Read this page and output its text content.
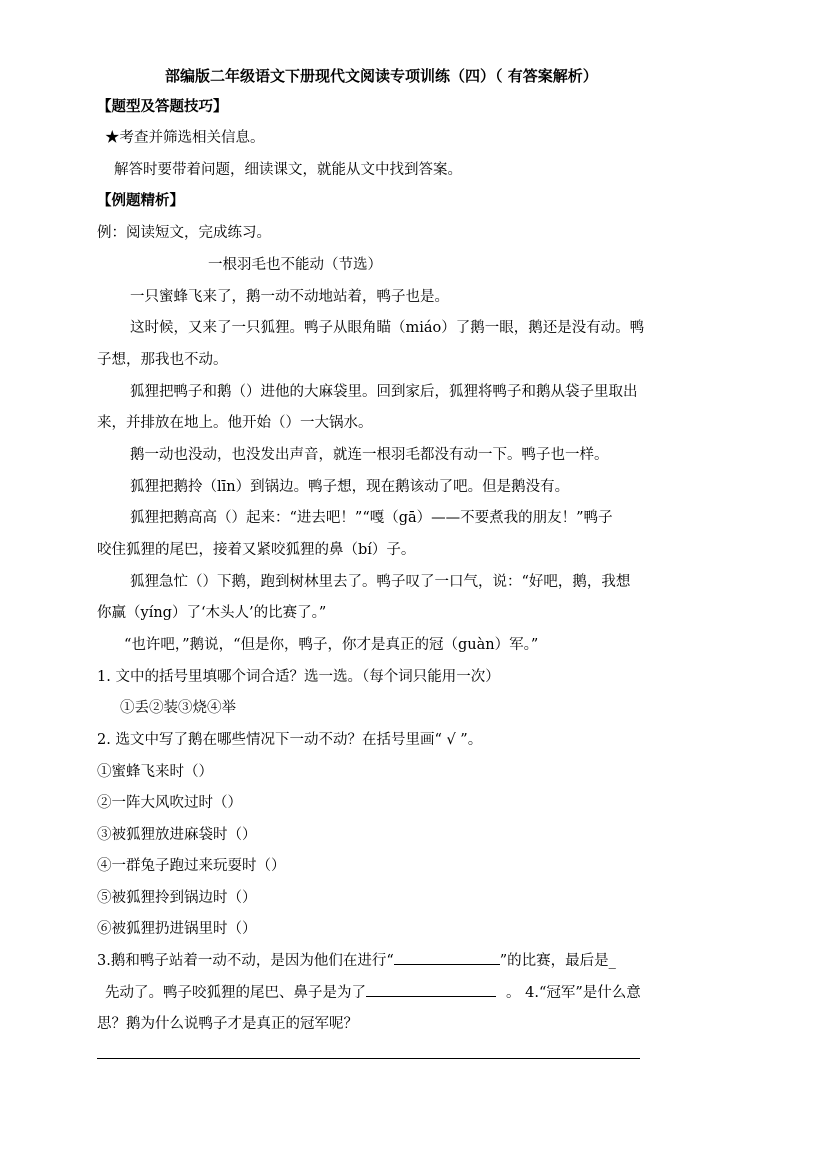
部编版二年级语文下册现代文阅读专项训练（四）（ 有答案解析）
【题型及答题技巧】
★考查并筛选相关信息。
解答时要带着问题，细读课文，就能从文中找到答案。
【例题精析】
例：阅读短文，完成练习。
一根羽毛也不能动（节选）
一只蜜蜂飞来了，鹅一动不动地站着，鸭子也是。
这时候，又来了一只狐狸。鸭子从眼角瞄（miáo）了鹅一眼，鹅还是没有动。鸭
子想，那我也不动。
狐狸把鸭子和鹅（）进他的大麻袋里。回到家后，狐狸将鸭子和鹅从袋子里取出
来，并排放在地上。他开始（）一大锅水。
鹅一动也没动，也没发出声音，就连一根羽毛都没有动一下。鸭子也一样。
狐狸把鹅拎（līn）到锅边。鸭子想，现在鹅该动了吧。但是鹅没有。
狐狸把鹅高高（）起来：“进去吧！”“嘎（gā）——不要煮我的朋友！”鸭子
咬住狐狸的尾巴，接着又紧咬狐狸的鼻（bí）子。
狐狸急忙（）下鹅，跑到树林里去了。鸭子叹了一口气，说：“好吧，鹅，我想
你赢（yíng）了‘木头人’的比赛了。”
“也许吧，”鹅说，“但是你，鸭子，你才是真正的冠（guàn）军。”
1. 文中的括号里填哪个词合适？选一选。（每个词只能用一次）
①丢②装③烧④举
2. 选文中写了鹅在哪些情况下一动不动？在括号里画“ √ ”。
①蜜蜂飞来时（）
②一阵大风吹过时（）
③被狐狸放进麻袋时（）
④一群兔子跑过来玩耍时（）
⑤被狐狸拎到锅边时（）
⑥被狐狸扔进锅里时（）
3.鹅和鸭子站着一动不动，是因为他们在进行“	”的比赛，最后是_
先动了。鸭子咬狐狸的尾巴、鼻子是为了	。 4.“冠军”是什么意
思？鹅为什么说鸭子才是真正的冠军呢？
